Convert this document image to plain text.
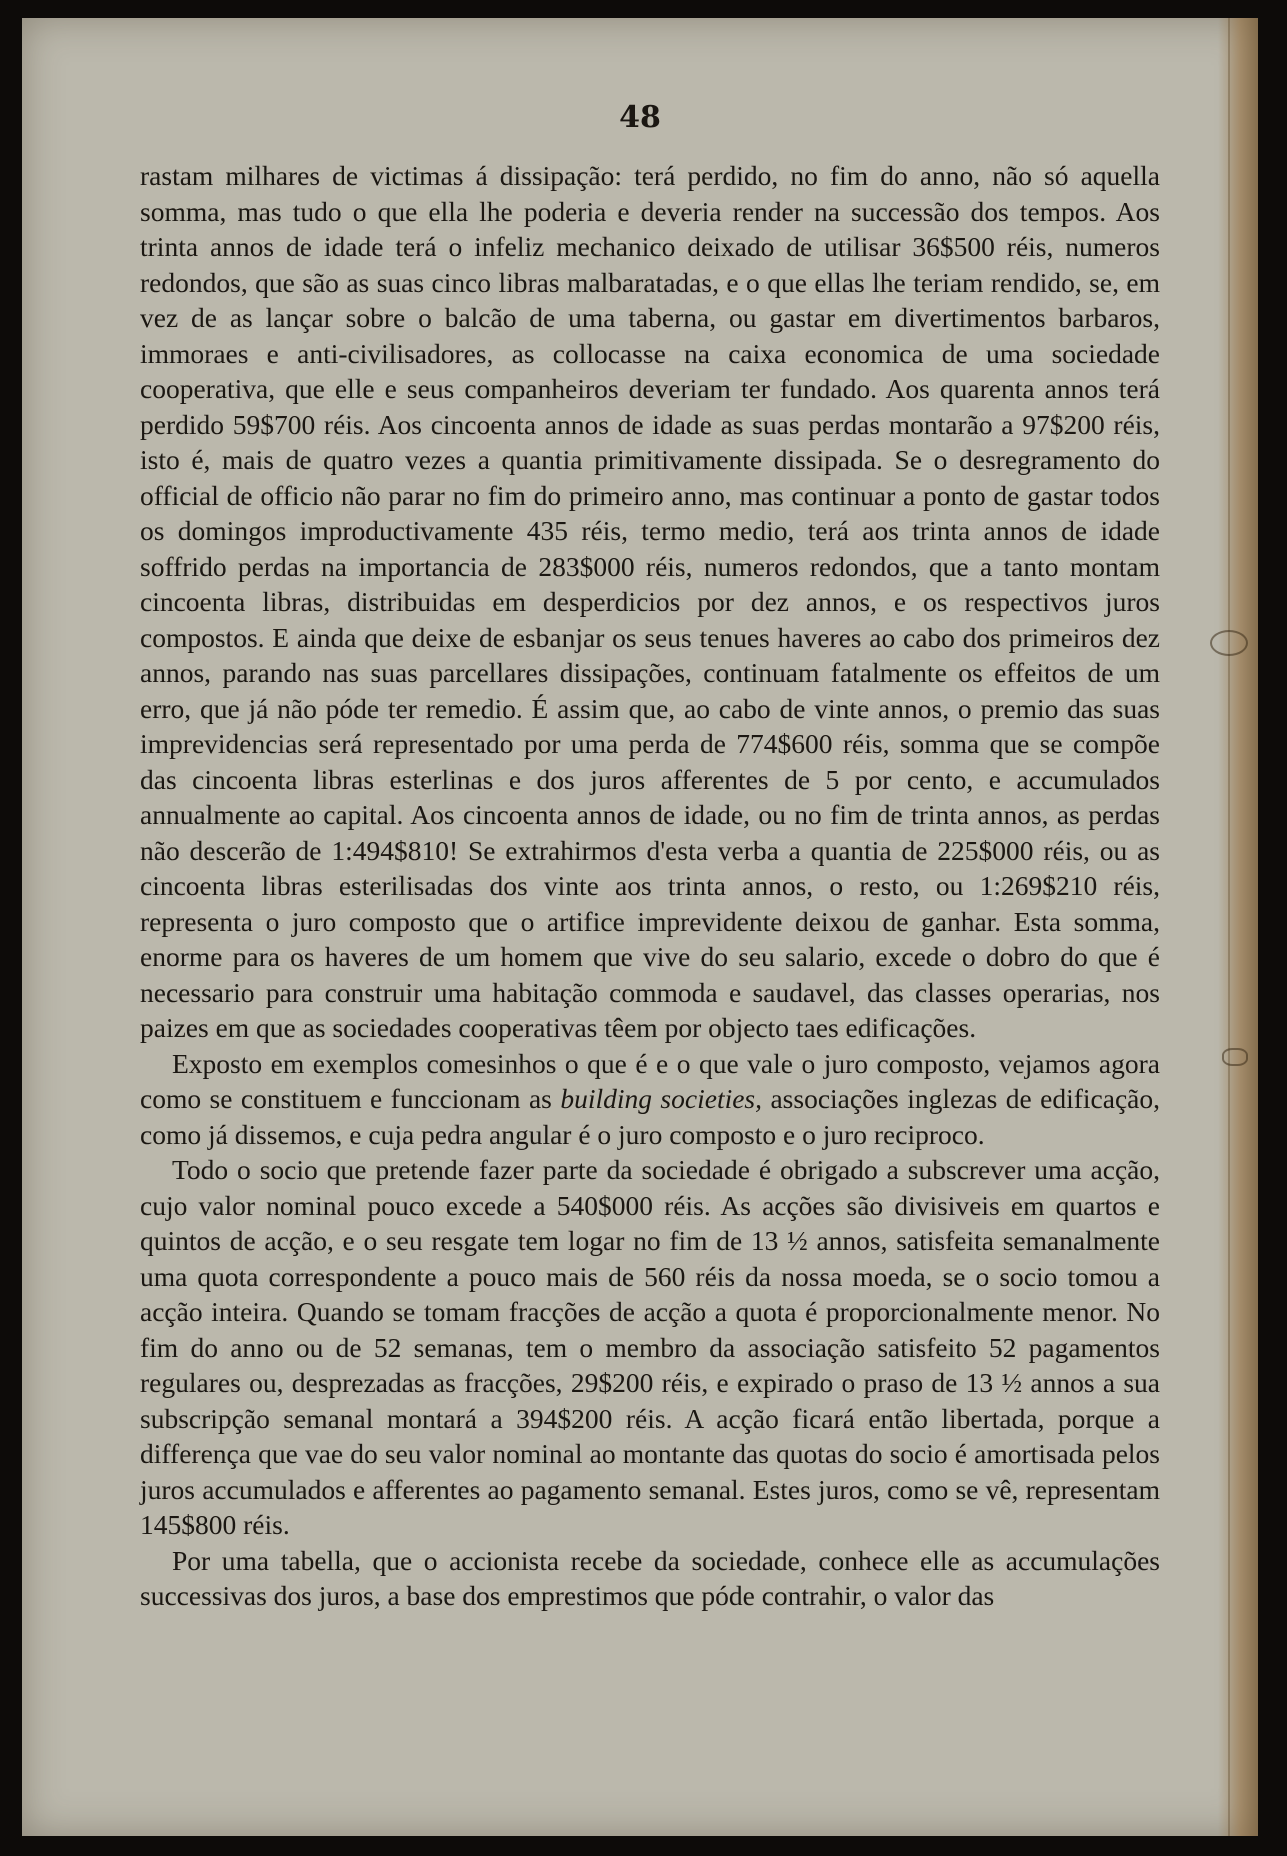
48

rastam milhares de victimas á dissipação: terá perdido, no fim do anno, não só aquella somma, mas tudo o que ella lhe poderia e deveria render na successão dos tempos. Aos trinta annos de idade terá o infeliz mechanico deixado de utilisar 36$500 réis, numeros redondos, que são as suas cinco libras malbaratadas, e o que ellas lhe teriam rendido, se, em vez de as lançar sobre o balcão de uma taberna, ou gastar em divertimentos barbaros, immoraes e anti-civilisadores, as collocasse na caixa economica de uma sociedade cooperativa, que elle e seus companheiros deveriam ter fundado. Aos quarenta annos terá perdido 59$700 réis. Aos cincoenta annos de idade as suas perdas montarão a 97$200 réis, isto é, mais de quatro vezes a quantia primitivamente dissipada. Se o desregramento do official de officio não parar no fim do primeiro anno, mas continuar a ponto de gastar todos os domingos improductivamente 435 réis, termo medio, terá aos trinta annos de idade soffrido perdas na importancia de 283$000 réis, numeros redondos, que a tanto montam cincoenta libras, distribuidas em desperdicios por dez annos, e os respectivos juros compostos. E ainda que deixe de esbanjar os seus tenues haveres ao cabo dos primeiros dez annos, parando nas suas parcellares dissipações, continuam fatalmente os effeitos de um erro, que já não póde ter remedio. É assim que, ao cabo de vinte annos, o premio das suas imprevidencias será representado por uma perda de 774$600 réis, somma que se compõe das cincoenta libras esterlinas e dos juros afferentes de 5 por cento, e accumulados annualmente ao capital. Aos cincoenta annos de idade, ou no fim de trinta annos, as perdas não descerão de 1:494$810! Se extrahirmos d'esta verba a quantia de 225$000 réis, ou as cincoenta libras esterilisadas dos vinte aos trinta annos, o resto, ou 1:269$210 réis, representa o juro composto que o artifice imprevidente deixou de ganhar. Esta somma, enorme para os haveres de um homem que vive do seu salario, excede o dobro do que é necessario para construir uma habitação commoda e saudavel, das classes operarias, nos paizes em que as sociedades cooperativas têem por objecto taes edificações.

Exposto em exemplos comesinhos o que é e o que vale o juro composto, vejamos agora como se constituem e funccionam as building societies, associações inglezas de edificação, como já dissemos, e cuja pedra angular é o juro composto e o juro reciproco.

Todo o socio que pretende fazer parte da sociedade é obrigado a subscrever uma acção, cujo valor nominal pouco excede a 540$000 réis. As acções são divisiveis em quartos e quintos de acção, e o seu resgate tem logar no fim de 13 ½ annos, satisfeita semanalmente uma quota correspondente a pouco mais de 560 réis da nossa moeda, se o socio tomou a acção inteira. Quando se tomam fracções de acção a quota é proporcionalmente menor. No fim do anno ou de 52 semanas, tem o membro da associação satisfeito 52 pagamentos regulares ou, desprezadas as fracções, 29$200 réis, e expirado o praso de 13 ½ annos a sua subscripção semanal montará a 394$200 réis. A acção ficará então libertada, porque a differença que vae do seu valor nominal ao montante das quotas do socio é amortisada pelos juros accumulados e afferentes ao pagamento semanal. Estes juros, como se vê, representam 145$800 réis.

Por uma tabella, que o accionista recebe da sociedade, conhece elle as accumulações successivas dos juros, a base dos emprestimos que póde contrahir, o valor das
